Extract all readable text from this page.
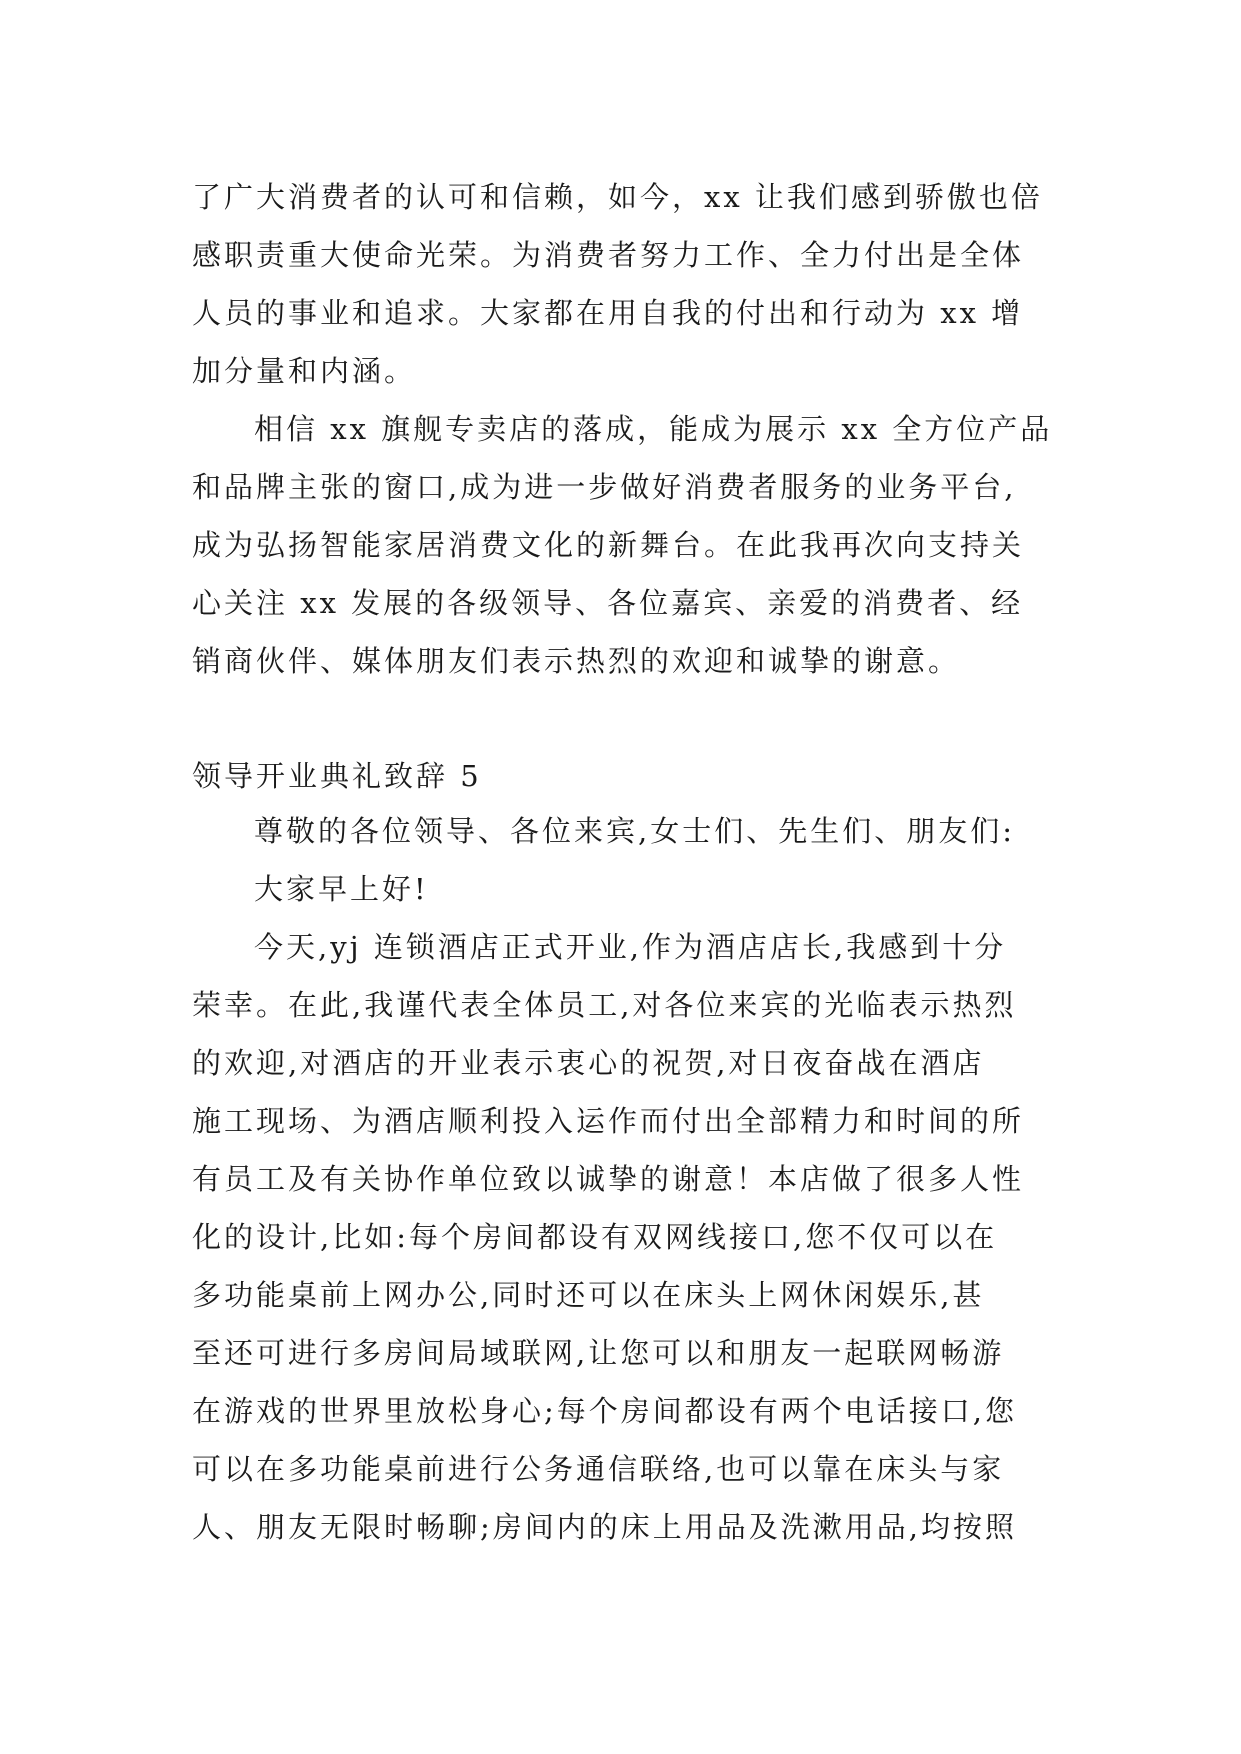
了广大消费者的认可和信赖，如今，xx 让我们感到骄傲也倍
感职责重大使命光荣。为消费者努力工作、全力付出是全体
人员的事业和追求。大家都在用自我的付出和行动为 xx 增
加分量和内涵。
相信 xx 旗舰专卖店的落成，能成为展示 xx 全方位产品
和品牌主张的窗口,成为进一步做好消费者服务的业务平台,
成为弘扬智能家居消费文化的新舞台。在此我再次向支持关
心关注 xx 发展的各级领导、各位嘉宾、亲爱的消费者、经
销商伙伴、媒体朋友们表示热烈的欢迎和诚挚的谢意。
领导开业典礼致辞 5
尊敬的各位领导、各位来宾,女士们、先生们、朋友们:
大家早上好!
今天,yj 连锁酒店正式开业,作为酒店店长,我感到十分
荣幸。在此,我谨代表全体员工,对各位来宾的光临表示热烈
的欢迎,对酒店的开业表示衷心的祝贺,对日夜奋战在酒店
施工现场、为酒店顺利投入运作而付出全部精力和时间的所
有员工及有关协作单位致以诚挚的谢意！本店做了很多人性
化的设计,比如:每个房间都设有双网线接口,您不仅可以在
多功能桌前上网办公,同时还可以在床头上网休闲娱乐,甚
至还可进行多房间局域联网,让您可以和朋友一起联网畅游
在游戏的世界里放松身心;每个房间都设有两个电话接口,您
可以在多功能桌前进行公务通信联络,也可以靠在床头与家
人、朋友无限时畅聊;房间内的床上用品及洗漱用品,均按照
